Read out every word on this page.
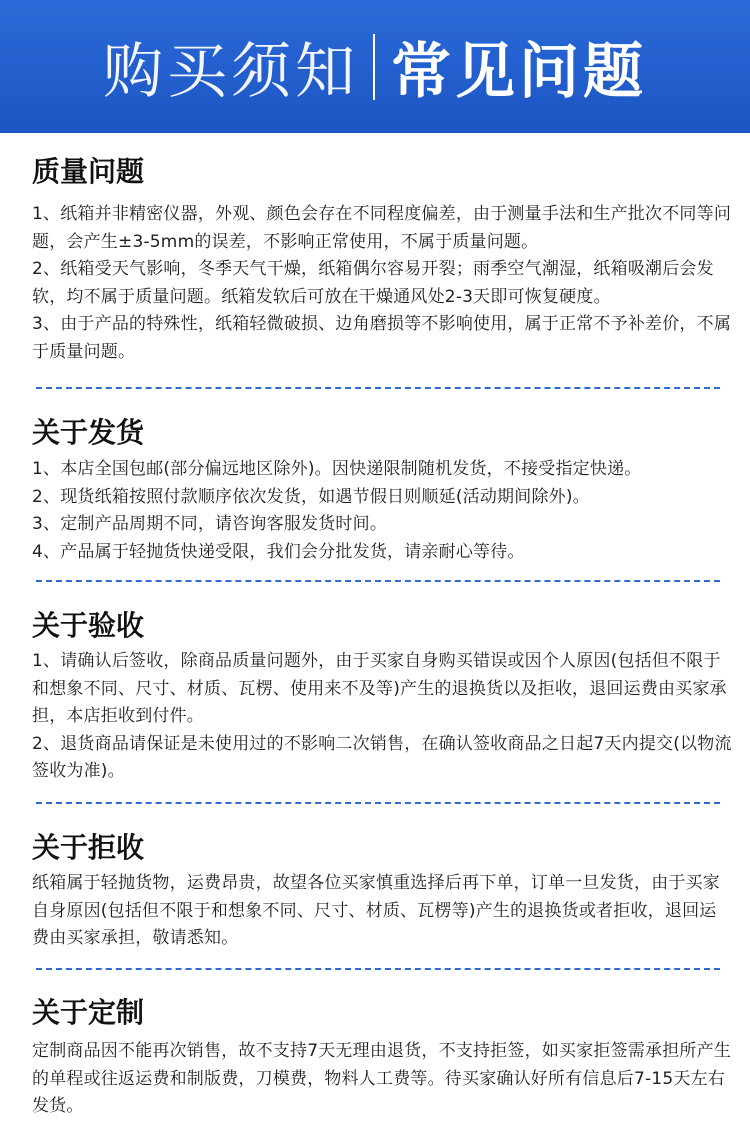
购买须知 常见问题
质量问题

1、纸箱并非精密仪器，外观、颜色会存在不同程度偏差，由于测量手法和生产批次不同等问题，会产生±3-5mm的误差，不影响正常使用，不属于质量问题。

2、纸箱受天气影响，冬季天气干燥，纸箱偶尔容易开裂；雨季空气潮湿，纸箱吸潮后会发软，均不属于质量问题。纸箱发软后可放在干燥通风处2-3天即可恢复硬度。

3、由于产品的特殊性，纸箱轻微破损、边角磨损等不影响使用，属于正常不予补差价，不属于质量问题。

关于发货

1、本店全国包邮(部分偏远地区除外)。因快递限制随机发货，不接受指定快递。

2、现货纸箱按照付款顺序依次发货，如遇节假日则顺延(活动期间除外)。

3、定制产品周期不同，请咨询客服发货时间。

4、产品属于轻抛货快递受限，我们会分批发货，请亲耐心等待。

关于验收

1、请确认后签收，除商品质量问题外，由于买家自身购买错误或因个人原因(包括但不限于和想象不同、尺寸、材质、瓦楞、使用来不及等)产生的退换货以及拒收，退回运费由买家承担，本店拒收到付件。

2、退货商品请保证是未使用过的不影响二次销售，在确认签收商品之日起7天内提交(以物流签收为准)。

关于拒收

纸箱属于轻抛货物，运费昂贵，故望各位买家慎重选择后再下单，订单一旦发货，由于买家自身原因(包括但不限于和想象不同、尺寸、材质、瓦楞等)产生的退换货或者拒收，退回运费由买家承担，敬请悉知。

关于定制

定制商品因不能再次销售，故不支持7天无理由退货，不支持拒签，如买家拒签需承担所产生的单程或往返运费和制版费，刀模费，物料人工费等。待买家确认好所有信息后7-15天左右发货。
